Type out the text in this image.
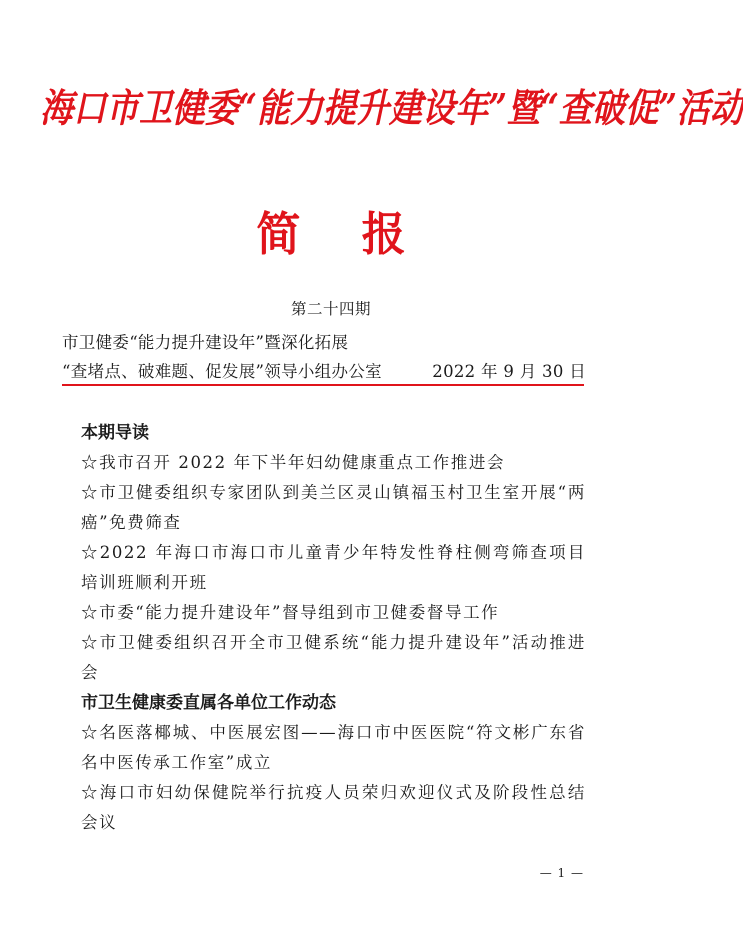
海口市卫健委“能力提升建设年”暨“查破促”活动
简    报
第二十四期
市卫健委“能力提升建设年”暨深化拓展
“查堵点、破难题、促发展”领导小组办公室	2022 年 9 月 30 日
本期导读
☆我市召开 2022 年下半年妇幼健康重点工作推进会
☆市卫健委组织专家团队到美兰区灵山镇福玉村卫生室开展“两癌”免费筛查
☆2022 年海口市海口市儿童青少年特发性脊柱侧弯筛查项目培训班顺利开班
☆市委“能力提升建设年”督导组到市卫健委督导工作
☆市卫健委组织召开全市卫健系统“能力提升建设年”活动推进会
市卫生健康委直属各单位工作动态
☆名医落椰城、中医展宏图——海口市中医医院“符文彬广东省名中医传承工作室”成立
☆海口市妇幼保健院举行抗疫人员荣归欢迎仪式及阶段性总结会议
— 1 —
